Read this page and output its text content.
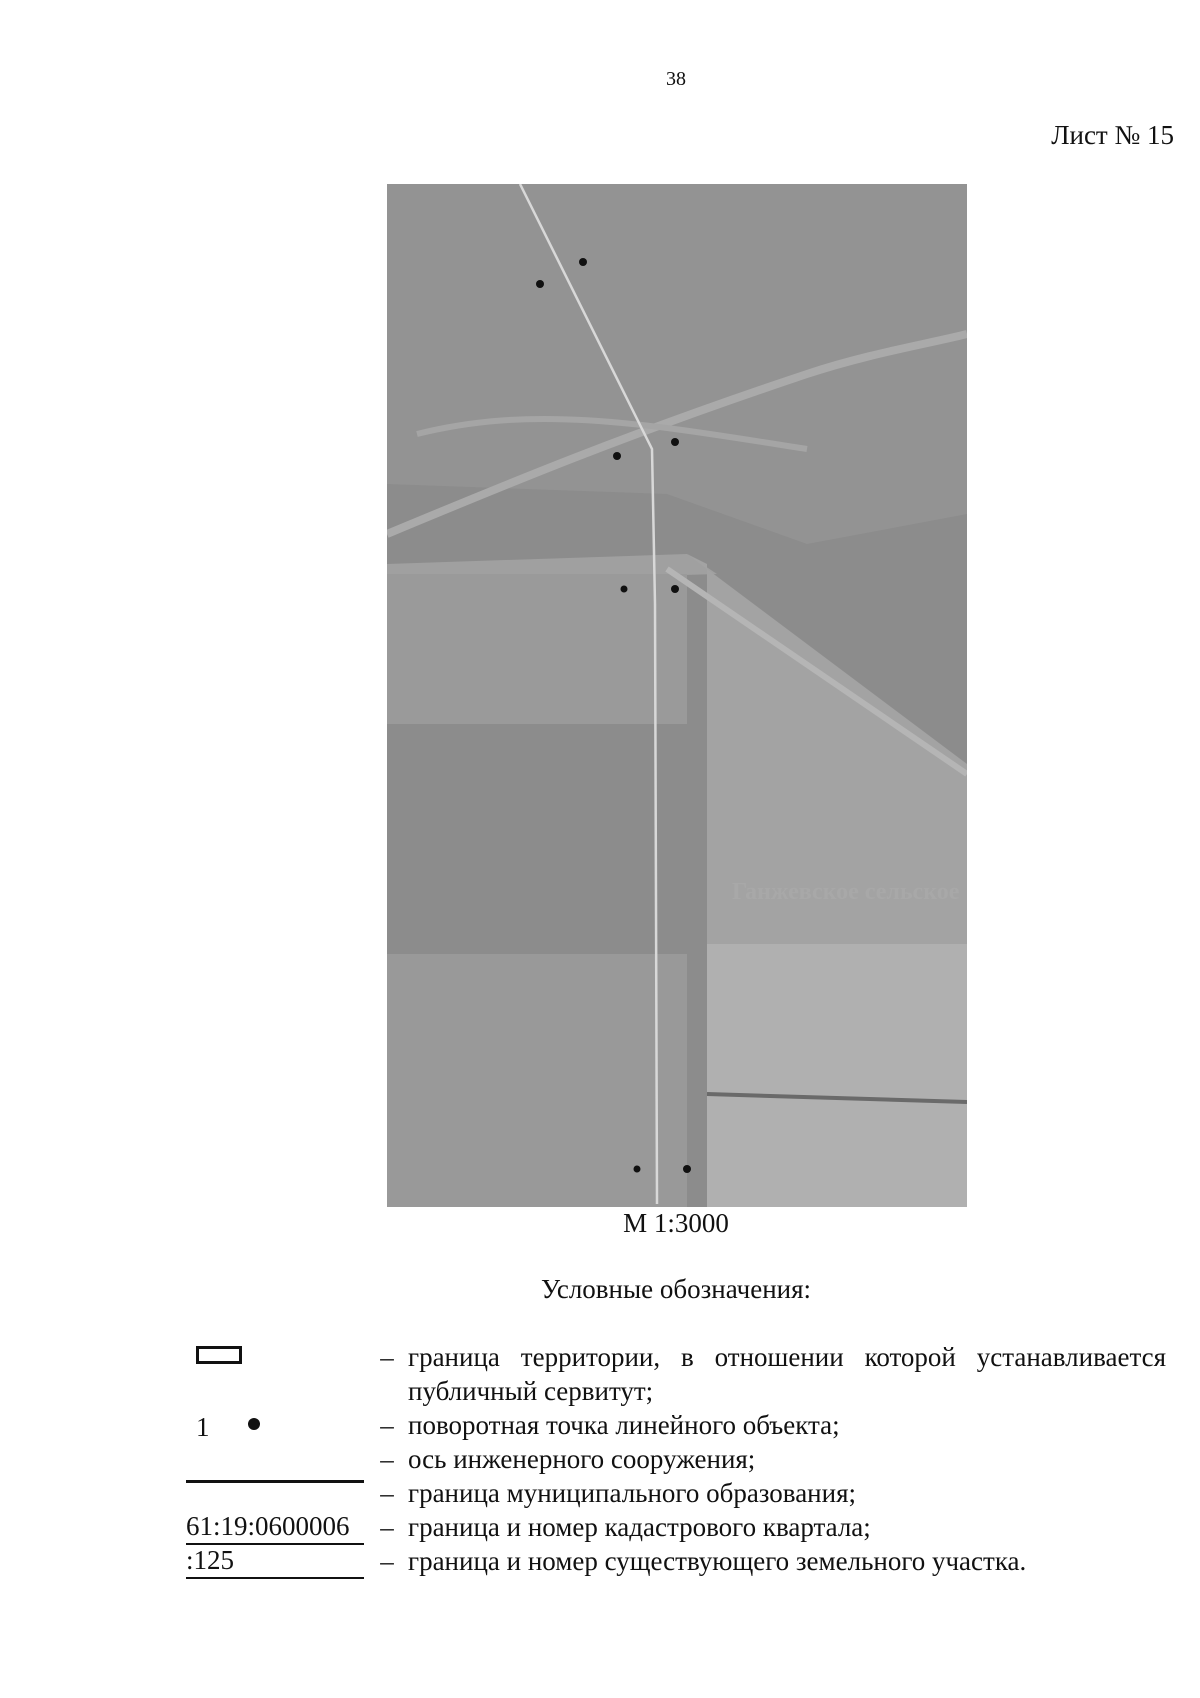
38
Лист № 15
Ганжевское сельское
М 1:3000
Условные обозначения:
– граница территории, в отношении которой устанавливается публичный сервитут;
1	– поворотная точка линейного объекта;
– ось инженерного сооружения;
– граница муниципального образования;
61:19:0600006	– граница и номер кадастрового квартала;
:125	– граница и номер существующего земельного участка.
